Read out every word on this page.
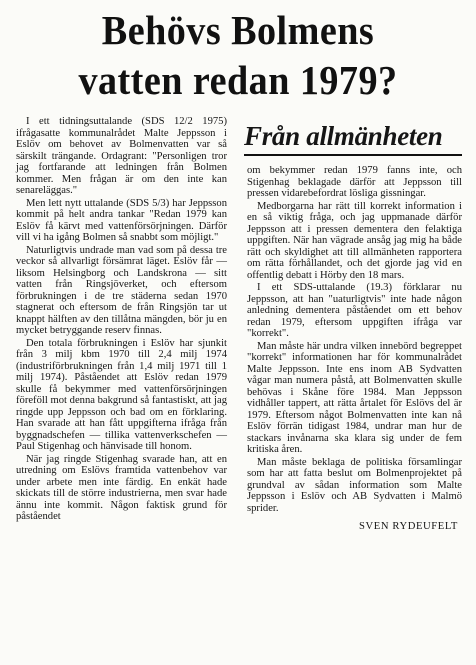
Behövs Bolmens
vatten redan 1979?
Från allmänheten

I ett tidningsuttalande (SDS 12/2 1975) ifrågasatte kommunalrådet Malte Jeppsson i Eslöv om behovet av Bolmenvatten var så särskilt trängande. Ordagrant: "Personligen tror jag fortfarande att ledningen från Bolmen kommer. Men frågan är om den inte kan senareläggas."

Men lett nytt uttalande (SDS 5/3) har Jeppsson kommit på helt andra tankar "Redan 1979 kan Eslöv få kärvt med vattenförsörjningen. Därför vill vi ha igång Bolmen så snabbt som möjligt."

Naturligtvis undrade man vad som på dessa tre veckor så allvarligt försämrat läget. Eslöv får — liksom Helsingborg och Landskrona — sitt vatten från Ringsjöverket, och eftersom förbrukningen i de tre städerna sedan 1970 stagnerat och eftersom de från Ringsjön tar ut knappt hälften av den tillåtna mängden, bör ju en mycket betryggande reserv finnas.

Den totala förbrukningen i Eslöv har sjunkit från 3 milj kbm 1970 till 2,4 milj 1974 (industriförbrukningen från 1,4 milj 1971 till 1 milj 1974). Påståendet att Eslöv redan 1979 skulle få bekymmer med vattenförsörjningen föreföll mot denna bakgrund så fantastiskt, att jag ringde upp Jeppsson och bad om en förklaring. Han svarade att han fått uppgifterna ifråga från byggnadschefen — tillika vattenverkschefen — Paul Stigenhag och hänvisade till honom.

När jag ringde Stigenhag svarade han, att en utredning om Eslövs framtida vattenbehov var under arbete men inte färdig. En enkät hade skickats till de större industrierna, men svar hade ännu inte kommit. Någon faktisk grund för påståendet

om bekymmer redan 1979 fanns inte, och Stigenhag beklagade därför att Jeppsson till pressen vidarebefordrat lösliga gissningar.

Medborgarna har rätt till korrekt information i en så viktig fråga, och jag uppmanade därför Jeppsson att i pressen dementera den felaktiga uppgiften. När han vägrade ansåg jag mig ha både rätt och skyldighet att till allmänheten rapportera om rätta förhållandet, och det gjorde jag vid en offentlig debatt i Hörby den 18 mars.

I ett SDS-uttalande (19.3) förklarar nu Jeppsson, att han "uaturligtvis" inte hade någon anledning dementera påståendet om ett behov redan 1979, eftersom uppgiften ifråga var "korrekt".

Man måste här undra vilken innebörd begreppet "korrekt" informationen har för kommunalrådet Malte Jeppsson. Inte ens inom AB Sydvatten vågar man numera påstå, att Bolmenvatten skulle behövas i Skåne före 1984. Man Jeppsson vidhåller tappert, att rätta årtalet för Eslövs del är 1979. Eftersom något Bolmenvatten inte kan nå Eslöv förrän tidigast 1984, undrar man hur de stackars invånarna ska klara sig under de fem kritiska åren.

Man måste beklaga de politiska församlingar som har att fatta beslut om Bolmenprojektet på grundval av sådan information som Malte Jeppsson i Eslöv och AB Sydvatten i Malmö sprider.

SVEN RYDEUFELT
